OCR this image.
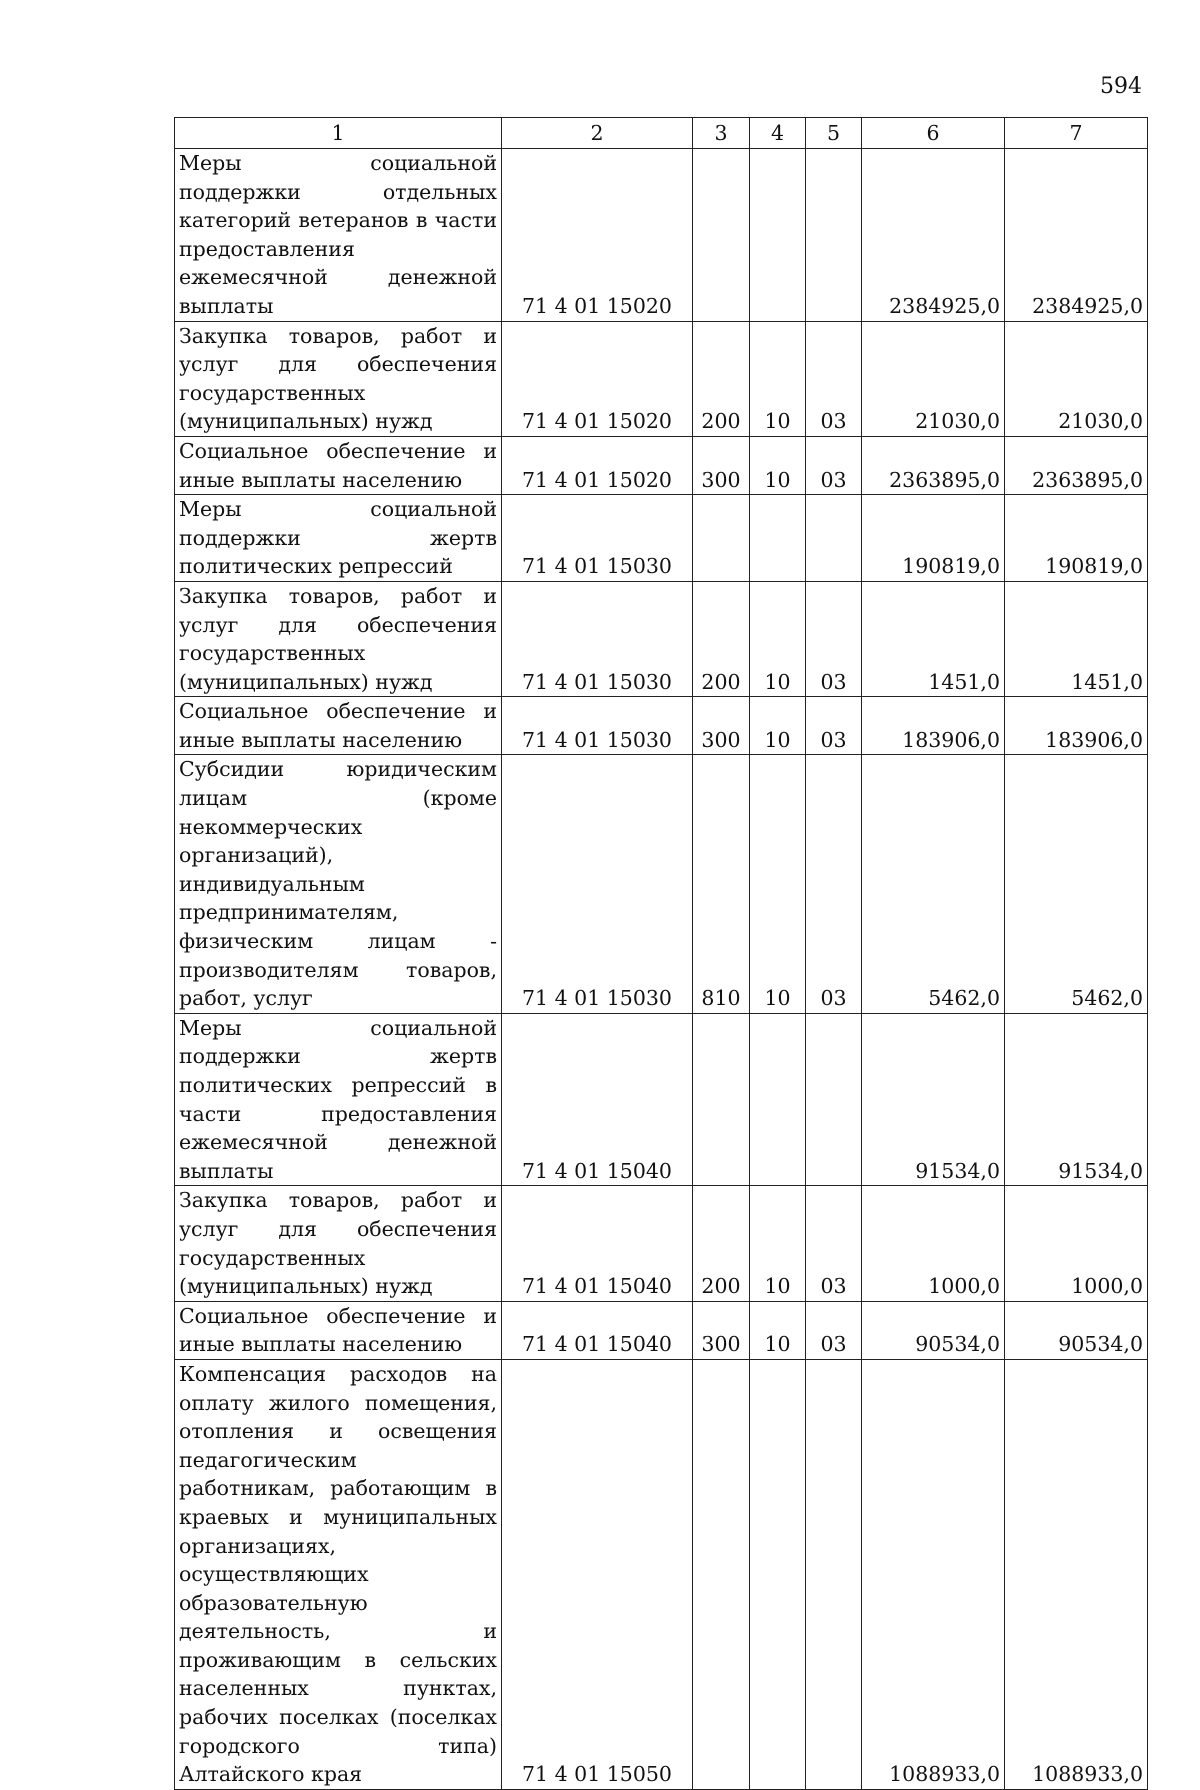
594
1	2	3	4	5	6	7
Меры социальной поддержки отдельных категорий ветеранов в части предоставления ежемесячной денежной выплаты	71 4 01 15020				2384925,0	2384925,0
Закупка товаров, работ и услуг для обеспечения государственных (муниципальных) нужд	71 4 01 15020	200	10	03	21030,0	21030,0
Социальное обеспечение и иные выплаты населению	71 4 01 15020	300	10	03	2363895,0	2363895,0
Меры социальной поддержки жертв политических репрессий	71 4 01 15030				190819,0	190819,0
Закупка товаров, работ и услуг для обеспечения государственных (муниципальных) нужд	71 4 01 15030	200	10	03	1451,0	1451,0
Социальное обеспечение и иные выплаты населению	71 4 01 15030	300	10	03	183906,0	183906,0
Субсидии юридическим лицам (кроме некоммерческих организаций), индивидуальным предпринимателям, физическим лицам - производителям товаров, работ, услуг	71 4 01 15030	810	10	03	5462,0	5462,0
Меры социальной поддержки жертв политических репрессий в части предоставления ежемесячной денежной выплаты	71 4 01 15040				91534,0	91534,0
Закупка товаров, работ и услуг для обеспечения государственных (муниципальных) нужд	71 4 01 15040	200	10	03	1000,0	1000,0
Социальное обеспечение и иные выплаты населению	71 4 01 15040	300	10	03	90534,0	90534,0
Компенсация расходов на оплату жилого помещения, отопления и освещения педагогическим работникам, работающим в краевых и муниципальных организациях, осуществляющих образовательную деятельность, и проживающим в сельских населенных пунктах, рабочих поселках (поселках городского типа) Алтайского края	71 4 01 15050				1088933,0	1088933,0
